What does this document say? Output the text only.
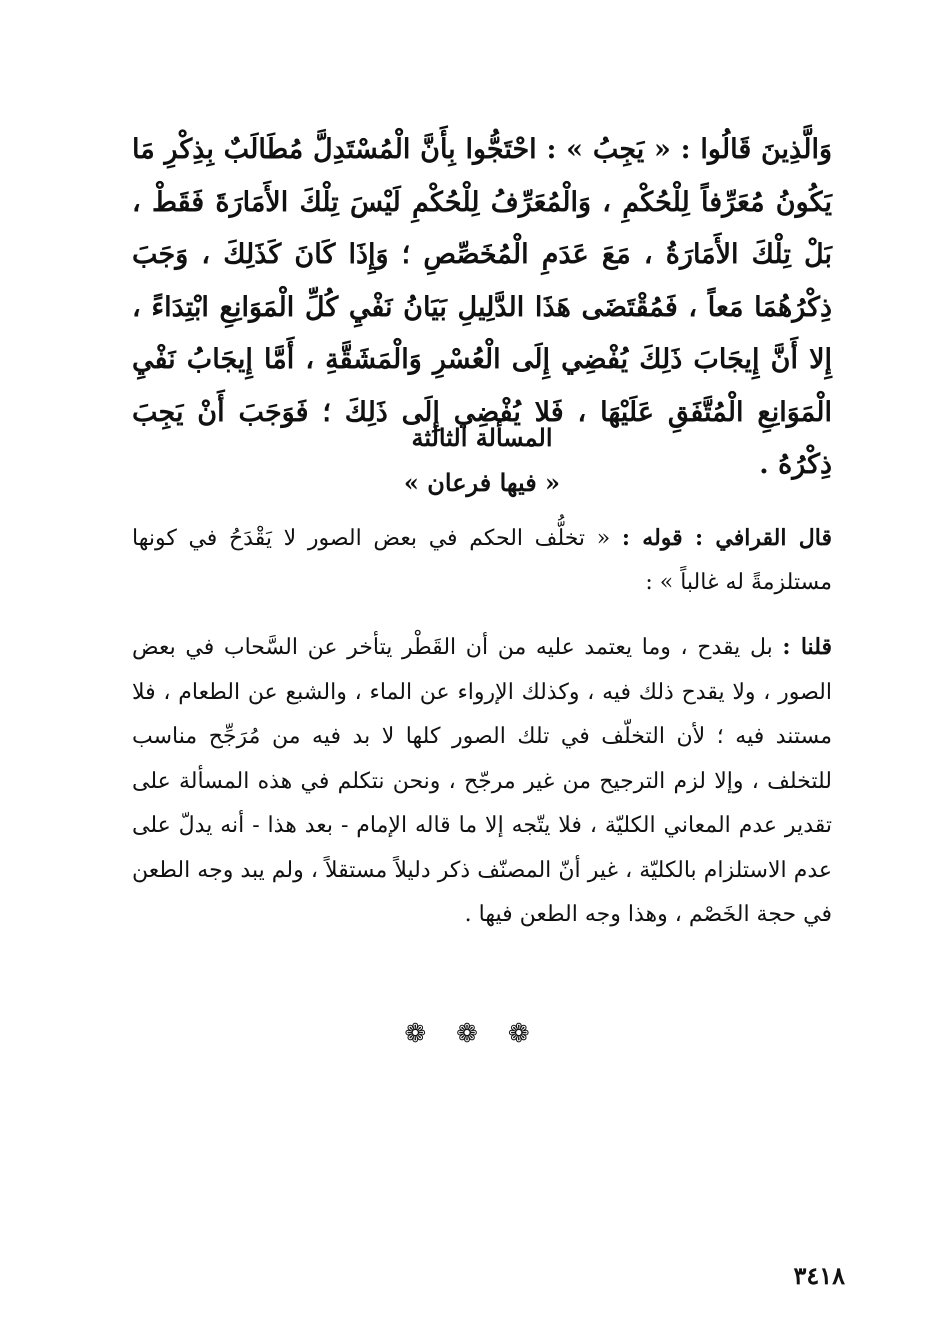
وَالَّذِينَ قَالُوا : « يَجِبُ » : احْتَجُّوا بِأَنَّ الْمُسْتَدِلَّ مُطَالَبٌ بِذِكْرِ مَا يَكُونُ مُعَرِّفاً لِلْحُكْمِ ، وَالْمُعَرِّفُ لِلْحُكْمِ لَيْسَ تِلْكَ الأَمَارَةَ فَقَطْ ، بَلْ تِلْكَ الأَمَارَةُ ، مَعَ عَدَمِ الْمُخَصِّصِ ؛ وَإِذَا كَانَ كَذَلِكَ ، وَجَبَ ذِكْرُهُمَا مَعاً ، فَمُقْتَضَى هَذَا الدَّلِيلِ بَيَانُ نَفْيِ كُلِّ الْمَوَانِعِ ابْتِدَاءً ، إِلا أَنَّ إِيجَابَ ذَلِكَ يُفْضِي إِلَى الْعُسْرِ وَالْمَشَقَّةِ ، أَمَّا إِيجَابُ نَفْيِ الْمَوَانِعِ الْمُتَّفَقِ عَلَيْهَا ، فَلا يُفْضِي إِلَى ذَلِكَ ؛ فَوَجَبَ أَنْ يَجِبَ ذِكْرُهُ .
المسألة الثالثة
« فيها فرعان »
قال القرافي : قوله : « تخلُّف الحكم في بعض الصور لا يَقْدَحُ في كونها مستلزمةً له غالباً » :
قلنا : بل يقدح ، وما يعتمد عليه من أن القَطْر يتأخر عن السَّحاب في بعض الصور ، ولا يقدح ذلك فيه ، وكذلك الإرواء عن الماء ، والشبع عن الطعام ، فلا مستند فيه ؛ لأن التخلّف في تلك الصور كلها لا بد فيه من مُرَجِّح مناسب للتخلف ، وإلا لزم الترجيح من غير مرجّح ، ونحن نتكلم في هذه المسألة على تقدير عدم المعاني الكليّة ، فلا يتّجه إلا ما قاله الإمام - بعد هذا - أنه يدلّ على عدم الاستلزام بالكليّة ، غير أنّ المصنّف ذكر دليلاً مستقلاً ، ولم يبد وجه الطعن في حجة الخَصْم ، وهذا وجه الطعن فيها .
❁❁❁
٣٤١٨
